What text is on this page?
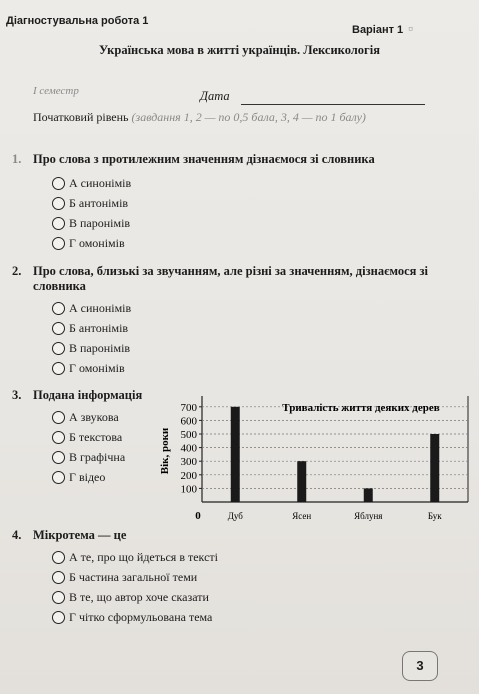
Діагностувальна робота 1
Варіант 1 ▫
Українська мова в житті українців. Лексикологія
І семестр	Дата
Початковий рівень (завдання 1, 2 — по 0,5 бала, 3, 4 — по 1 балу)
1. Про слова з протилежним значенням дізнаємося зі словника
А синонімів
Б антонімів
В паронімів
Г омонімів
2. Про слова, близькі за звучанням, але різні за значенням, дізнаємося зі словника
А синонімів
Б антонімів
В паронімів
Г омонімів
3. Подана інформація
А звукова
Б текстова
В графічна
Г відео
100
200
300
400
500
600
700
0
Вік, роки
Тривалість життя деяких дерев
Дуб	Ясен	Яблуня	Бук
4. Мікротема — це
А те, про що йдеться в тексті
Б частина загальної теми
В те, що автор хоче сказати
Г чітко сформульована тема
3
